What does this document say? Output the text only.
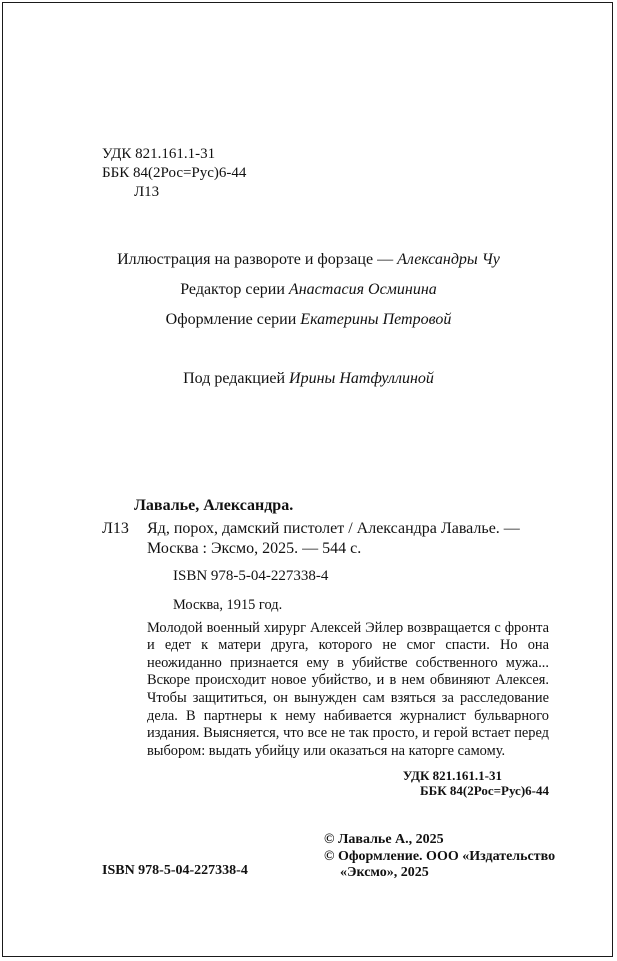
УДК 821.161.1-31
ББК 84(2Рос=Рус)6-44
Л13
Иллюстрация на развороте и форзаце — Александры Чу
Редактор серии Анастасия Осминина
Оформление серии Екатерины Петровой
Под редакцией Ирины Натфуллиной
Лавалье, Александра.
Л13 Яд, порох, дамский пистолет / Александра Лавалье. —
Москва : Эксмо, 2025. — 544 с.
ISBN 978-5-04-227338-4

Москва, 1915 год.

Молодой военный хирург Алексей Эйлер возвращается с фронта и едет к матери друга, которого не смог спасти. Но она неожиданно признается ему в убийстве собственного мужа... Вскоре происходит новое убийство, и в нем обвиняют Алексея. Чтобы защититься, он вынужден сам взяться за расследование дела. В партнеры к нему набивается журналист бульварного издания. Выясняется, что все не так просто, и герой встает перед выбором: выдать убийцу или оказаться на каторге самому.

УДК 821.161.1-31
ББК 84(2Рос=Рус)6-44
ISBN 978-5-04-227338-4
© Лавалье А., 2025
© Оформление. ООО «Издательство
«Эксмо», 2025
